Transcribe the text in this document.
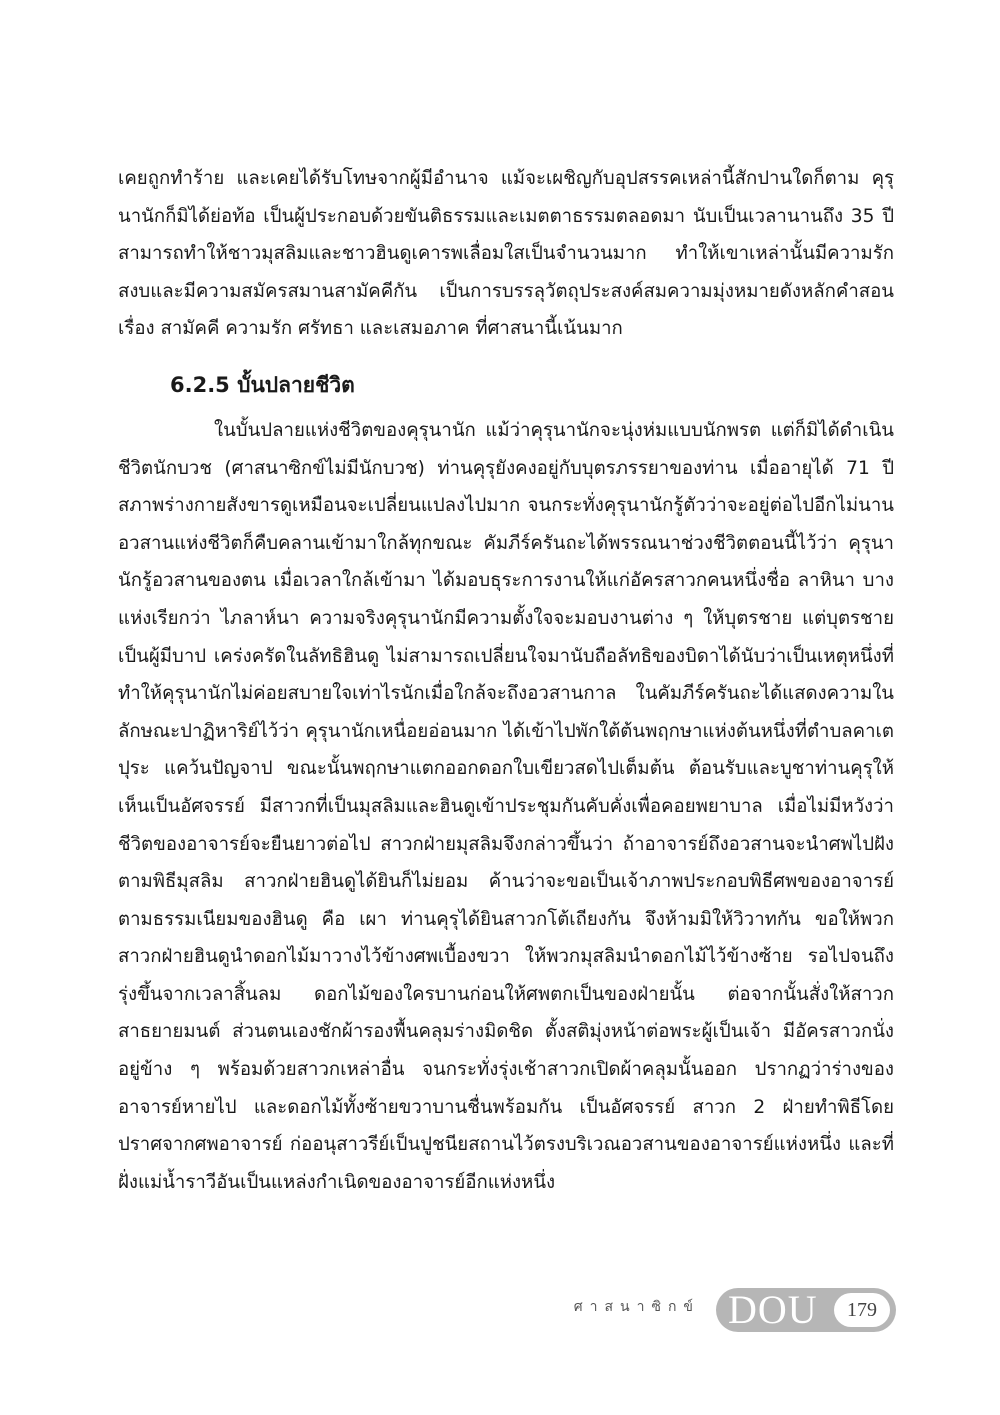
เคยถูกทำร้าย และเคยได้รับโทษจากผู้มีอำนาจ แม้จะเผชิญกับอุปสรรคเหล่านี้สักปานใดก็ตาม คุรุนานักก็มิได้ย่อท้อ เป็นผู้ประกอบด้วยขันติธรรมและเมตตาธรรมตลอดมา นับเป็นเวลานานถึง 35 ปี สามารถทำให้ชาวมุสลิมและชาวฮินดูเคารพเลื่อมใสเป็นจำนวนมาก ทำให้เขาเหล่านั้นมีความรักสงบและมีความสมัครสมานสามัคคีกัน เป็นการบรรลุวัตถุประสงค์สมความมุ่งหมายดังหลักคำสอนเรื่อง สามัคคี ความรัก ศรัทธา และเสมอภาค ที่ศาสนานี้เน้นมาก

6.2.5 บั้นปลายชีวิต

ในบั้นปลายแห่งชีวิตของคุรุนานัก แม้ว่าคุรุนานักจะนุ่งห่มแบบนักพรต แต่ก็มิได้ดำเนินชีวิตนักบวช (ศาสนาซิกข์ไม่มีนักบวช) ท่านคุรุยังคงอยู่กับบุตรภรรยาของท่าน เมื่ออายุได้ 71 ปี สภาพร่างกายสังขารดูเหมือนจะเปลี่ยนแปลงไปมาก จนกระทั่งคุรุนานักรู้ตัวว่าจะอยู่ต่อไปอีกไม่นาน อวสานแห่งชีวิตก็คืบคลานเข้ามาใกล้ทุกขณะ คัมภีร์ครันถะได้พรรณนาช่วงชีวิตตอนนี้ไว้ว่า คุรุนานักรู้อวสานของตน เมื่อเวลาใกล้เข้ามา ได้มอบธุระการงานให้แก่อัครสาวกคนหนึ่งชื่อ ลาหินา บางแห่งเรียกว่า ไภลาห์นา ความจริงคุรุนานักมีความตั้งใจจะมอบงานต่าง ๆ ให้บุตรชาย แต่บุตรชายเป็นผู้มีบาป เคร่งครัดในลัทธิฮินดู ไม่สามารถเปลี่ยนใจมานับถือลัทธิของบิดาได้นับว่าเป็นเหตุหนึ่งที่ทำให้คุรุนานักไม่ค่อยสบายใจเท่าไรนักเมื่อใกล้จะถึงอวสานกาล ในคัมภีร์ครันถะได้แสดงความในลักษณะปาฏิหาริย์ไว้ว่า คุรุนานักเหนื่อยอ่อนมาก ได้เข้าไปพักใต้ต้นพฤกษาแห่งต้นหนึ่งที่ตำบลคาเตปุระ แคว้นปัญจาป ขณะนั้นพฤกษาแตกออกดอกใบเขียวสดไปเต็มต้น ต้อนรับและบูชาท่านคุรุให้เห็นเป็นอัศจรรย์ มีสาวกที่เป็นมุสลิมและฮินดูเข้าประชุมกันคับคั่งเพื่อคอยพยาบาล เมื่อไม่มีหวังว่าชีวิตของอาจารย์จะยืนยาวต่อไป สาวกฝ่ายมุสลิมจึงกล่าวขึ้นว่า ถ้าอาจารย์ถึงอวสานจะนำศพไปฝังตามพิธีมุสลิม สาวกฝ่ายฮินดูได้ยินก็ไม่ยอม ค้านว่าจะขอเป็นเจ้าภาพประกอบพิธีศพของอาจารย์ตามธรรมเนียมของฮินดู คือ เผา ท่านคุรุได้ยินสาวกโต้เถียงกัน จึงห้ามมิให้วิวาทกัน ขอให้พวกสาวกฝ่ายฮินดูนำดอกไม้มาวางไว้ข้างศพเบื้องขวา ให้พวกมุสลิมนำดอกไม้ไว้ข้างซ้าย รอไปจนถึงรุ่งขึ้นจากเวลาสิ้นลม ดอกไม้ของใครบานก่อนให้ศพตกเป็นของฝ่ายนั้น ต่อจากนั้นสั่งให้สาวกสาธยายมนต์ ส่วนตนเองชักผ้ารองพื้นคลุมร่างมิดชิด ตั้งสติมุ่งหน้าต่อพระผู้เป็นเจ้า มีอัครสาวกนั่งอยู่ข้าง ๆ พร้อมด้วยสาวกเหล่าอื่น จนกระทั่งรุ่งเช้าสาวกเปิดผ้าคลุมนั้นออก ปรากฏว่าร่างของอาจารย์หายไป และดอกไม้ทั้งซ้ายขวาบานชื่นพร้อมกัน เป็นอัศจรรย์ สาวก 2 ฝ่ายทำพิธีโดยปราศจากศพอาจารย์ ก่ออนุสาวรีย์เป็นปูชนียสถานไว้ตรงบริเวณอวสานของอาจารย์แห่งหนึ่ง และที่ฝั่งแม่น้ำราวีอันเป็นแหล่งกำเนิดของอาจารย์อีกแห่งหนึ่ง

ศาสนาซิกข์ DOU	179
